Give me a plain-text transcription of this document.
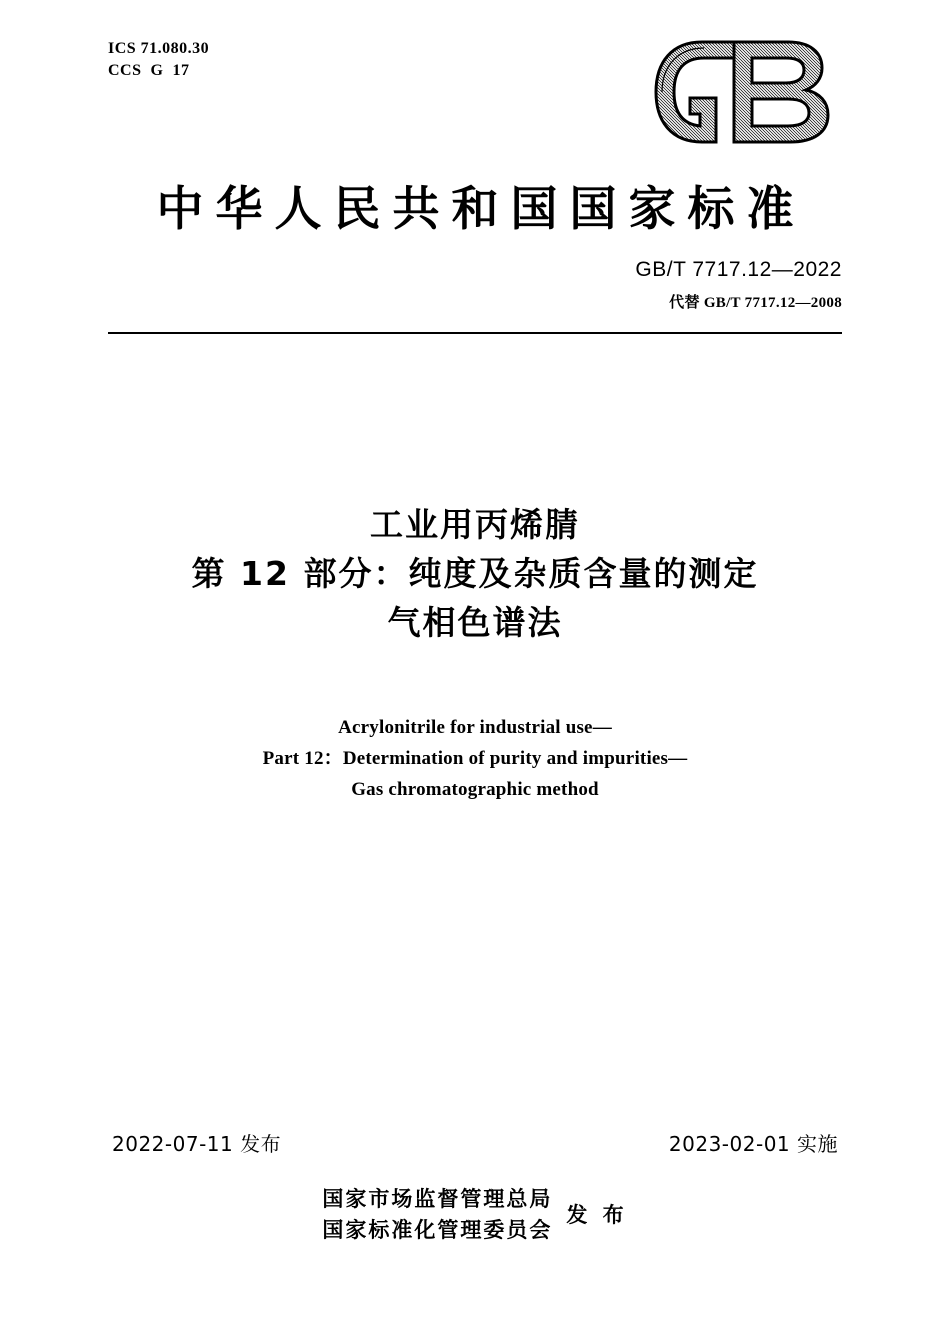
ICS 71.080.30
CCS  G  17
中华人民共和国国家标准
GB/T 7717.12—2022
代替 GB/T 7717.12—2008
工业用丙烯腈
第 12 部分：纯度及杂质含量的测定
气相色谱法
Acrylonitrile for industrial use—
Part 12：Determination of purity and impurities—
Gas chromatographic method
2022-07-11 发布	2023-02-01 实施
国家市场监督管理总局
国家标准化管理委员会
发 布
